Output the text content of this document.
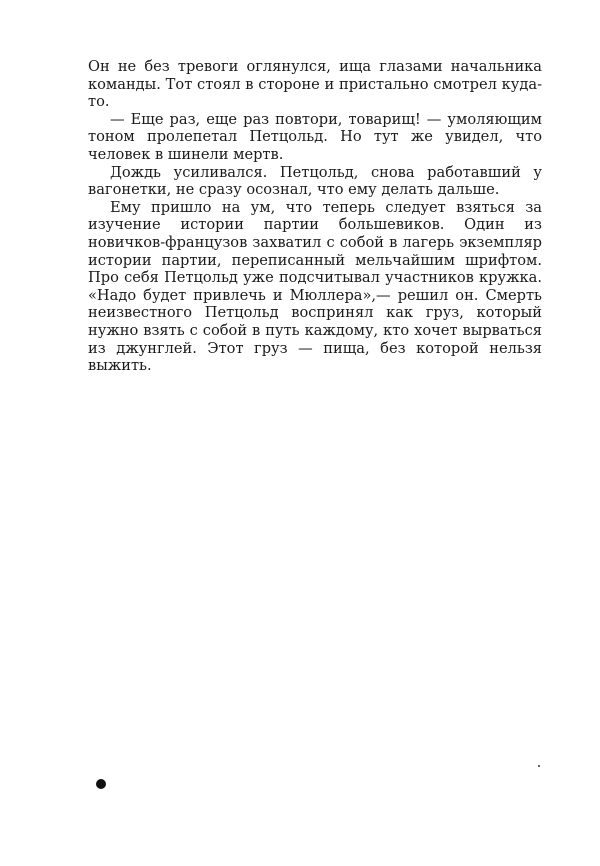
Он не без тревоги оглянулся, ища глазами начальника команды. Тот стоял в стороне и пристально смотрел куда-то.

— Еще раз, еще раз повтори, товарищ! — умоляющим тоном пролепетал Петцольд. Но тут же увидел, что человек в шинели мертв.

Дождь усиливался. Петцольд, снова работавший у вагонетки, не сразу осознал, что ему делать дальше.

Ему пришло на ум, что теперь следует взяться за изучение истории партии большевиков. Один из новичков-французов захватил с собой в лагерь экземпляр истории партии, переписанный мельчайшим шрифтом. Про себя Петцольд уже подсчитывал участников кружка. «Надо будет привлечь и Мюллера»,— решил он. Смерть неизвестного Петцольд воспринял как груз, который нужно взять с собой в путь каждому, кто хочет вырваться из джунглей. Этот груз — пища, без которой нельзя выжить.
